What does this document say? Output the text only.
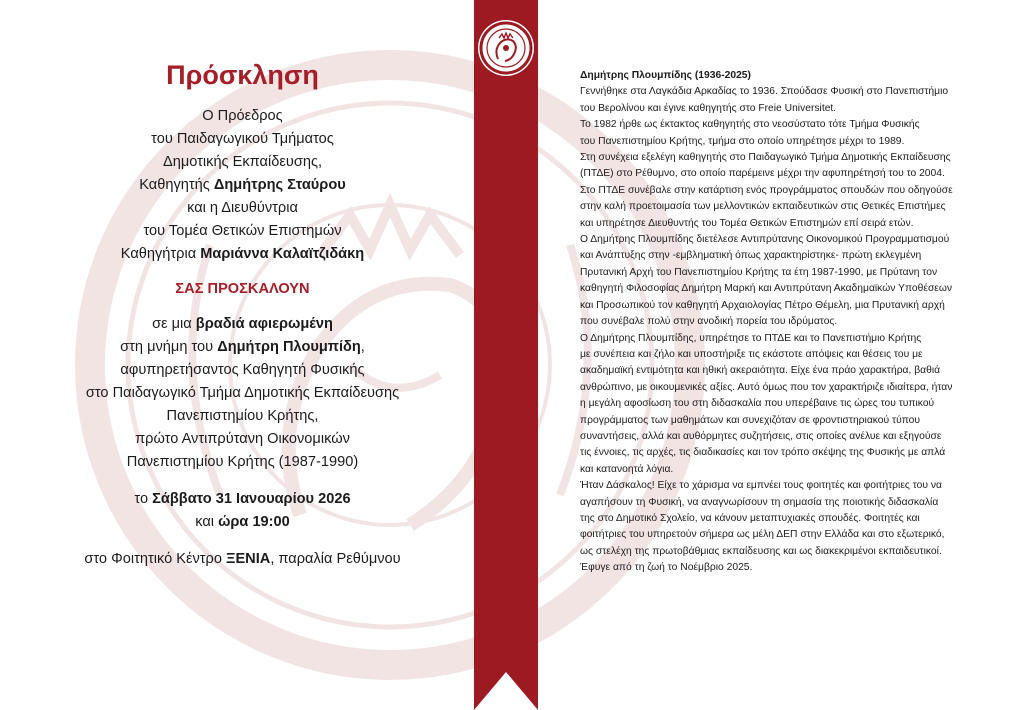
Πρόσκληση

Ο Πρόεδρος

του Παιδαγωγικού Τμήματος

Δημοτικής Εκπαίδευσης,

Καθηγητής Δημήτρης Σταύρου

και η Διευθύντρια

του Τομέα Θετικών Επιστημών

Καθηγήτρια Μαριάννα Καλαϊτζιδάκη

ΣΑΣ ΠΡΟΣΚΑΛΟΥΝ

σε μια βραδιά αφιερωμένη

στη μνήμη του Δημήτρη Πλουμπίδη,

αφυπηρετήσαντος Καθηγητή Φυσικής

στο Παιδαγωγικό Τμήμα Δημοτικής Εκπαίδευσης

Πανεπιστημίου Κρήτης,

πρώτο Αντιπρύτανη Οικονομικών

Πανεπιστημίου Κρήτης (1987-1990)

το Σάββατο 31 Ιανουαρίου 2026

και ώρα 19:00

στο Φοιτητικό Κέντρο ΞΕΝΙΑ, παραλία Ρεθύμνου

Δημήτρης Πλουμπίδης (1936-2025)

Γεννήθηκε στα Λαγκάδια Αρκαδίας το 1936. Σπούδασε Φυσική στο Πανεπιστήμιο

του Βερολίνου και έγινε καθηγητής στο Freie Universitet.

Το 1982 ήρθε ως έκτακτος καθηγητής στο νεοσύστατο τότε Τμήμα Φυσικής

του Πανεπιστημίου Κρήτης, τμήμα στο οποίο υπηρέτησε μέχρι το 1989.

Στη συνέχεια εξελέγη καθηγητής στο Παιδαγωγικό Τμήμα Δημοτικής Εκπαίδευσης

(ΠΤΔΕ) στο Ρέθυμνο, στο οποίο παρέμεινε μέχρι την αφυπηρέτησή του το 2004.

Στο ΠΤΔΕ συνέβαλε στην κατάρτιση ενός προγράμματος σπουδών που οδηγούσε

στην καλή προετοιμασία των μελλοντικών εκπαιδευτικών στις Θετικές Επιστήμες

και υπηρέτησε Διευθυντής του Τομέα Θετικών Επιστημών επί σειρά ετών.

Ο Δημήτρης Πλουμπίδης διετέλεσε Αντιπρύτανης Οικονομικού Προγραμματισμού

και Ανάπτυξης στην -εμβληματική όπως χαρακτηρίστηκε- πρώτη εκλεγμένη

Πρυτανική Αρχή του Πανεπιστημίου Κρήτης τα έτη 1987-1990, με Πρύτανη τον

καθηγητή Φιλοσοφίας Δημήτρη Μαρκή και Αντιπρύτανη Ακαδημαϊκών Υποθέσεων

και Προσωπικού τον καθηγητή Αρχαιολογίας Πέτρο Θέμελη, μια Πρυτανική αρχή

που συνέβαλε πολύ στην ανοδική πορεία του ιδρύματος.

Ο Δημήτρης Πλουμπίδης, υπηρέτησε το ΠΤΔΕ και το Πανεπιστήμιο Κρήτης

με συνέπεια και ζήλο και υποστήριξε τις εκάστοτε απόψεις και θέσεις του με

ακαδημαϊκή εντιμότητα και ηθική ακεραιότητα. Είχε ένα πράο χαρακτήρα, βαθιά

ανθρώπινο, με οικουμενικές αξίες. Αυτό όμως που τον χαρακτήριζε ιδιαίτερα, ήταν

η μεγάλη αφοσίωση του στη διδασκαλία που υπερέβαινε τις ώρες του τυπικού

προγράμματος των μαθημάτων και συνεχιζόταν σε φροντιστηριακού τύπου

συναντήσεις, αλλά και αυθόρμητες συζητήσεις, στις οποίες ανέλυε και εξηγούσε

τις έννοιες, τις αρχές, τις διαδικασίες και τον τρόπο σκέψης της Φυσικής με απλά

και κατανοητά λόγια.

Ήταν Δάσκαλος! Είχε το χάρισμα να εμπνέει τους φοιτητές και φοιτήτριες του να

αγαπήσουν τη Φυσική, να αναγνωρίσουν τη σημασία της ποιοτικής διδασκαλία

της στο Δημοτικό Σχολείο, να κάνουν μεταπτυχιακές σπουδές. Φοιτητές και

φοιτήτριες του υπηρετούν σήμερα ως μέλη ΔΕΠ στην Ελλάδα και στο εξωτερικό,

ως στελέχη της πρωτοβάθμιας εκπαίδευσης και ως διακεκριμένοι εκπαιδευτικοί.

Έφυγε από τη ζωή το Νοέμβριο 2025.
